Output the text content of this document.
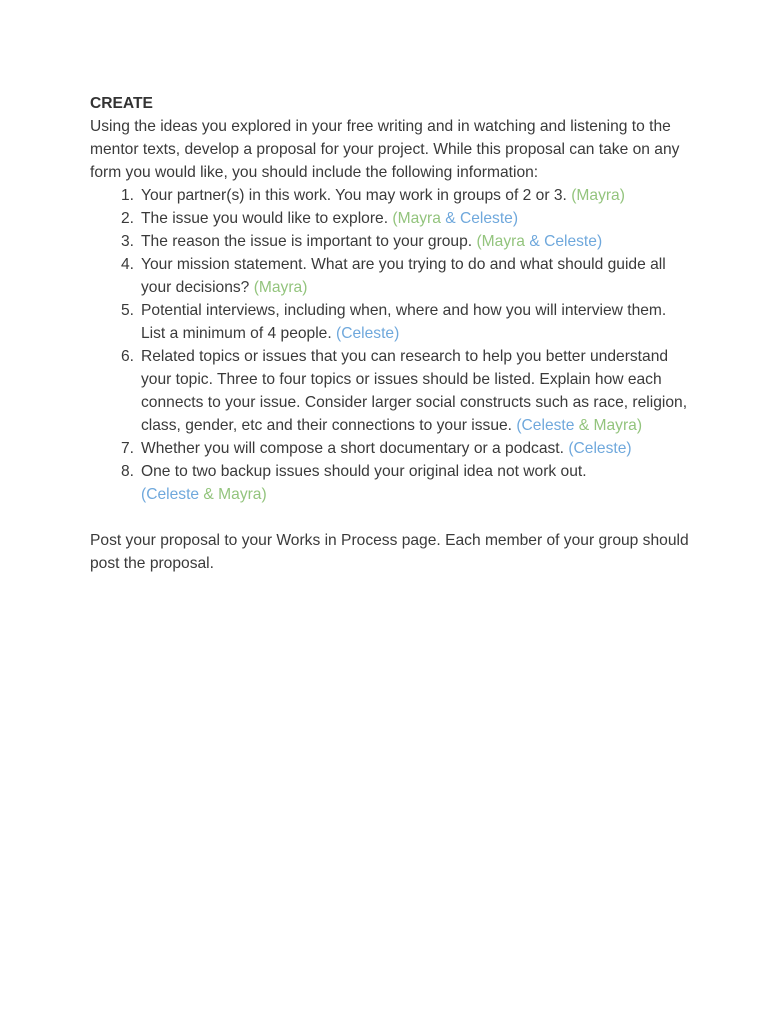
CREATE

Using the ideas you explored in your free writing and in watching and listening to the mentor texts, develop a proposal for your project. While this proposal can take on any form you would like, you should include the following information:

1. Your partner(s) in this work. You may work in groups of 2 or 3. (Mayra)
2. The issue you would like to explore. (Mayra & Celeste)
3. The reason the issue is important to your group. (Mayra & Celeste)
4. Your mission statement. What are you trying to do and what should guide all your decisions? (Mayra)
5. Potential interviews, including when, where and how you will interview them. List a minimum of 4 people. (Celeste)
6. Related topics or issues that you can research to help you better understand your topic. Three to four topics or issues should be listed. Explain how each connects to your issue. Consider larger social constructs such as race, religion, class, gender, etc and their connections to your issue. (Celeste & Mayra)
7. Whether you will compose a short documentary or a podcast. (Celeste)
8. One to two backup issues should your original idea not work out.
(Celeste & Mayra)

Post your proposal to your Works in Process page. Each member of your group should post the proposal.
